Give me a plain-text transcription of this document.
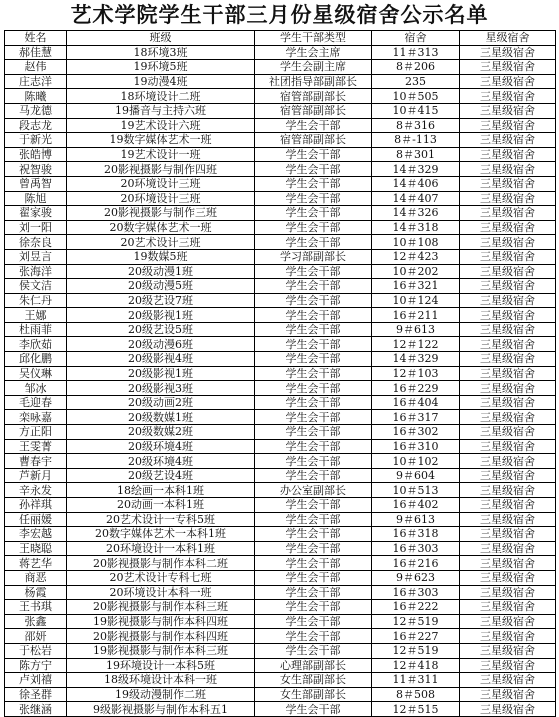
艺术学院学生干部三月份星级宿舍公示名单
姓名	班级	学生干部类型	宿舍	星级宿舍
郝佳慧	18环境3班	学生会主席	11＃313	三星级宿舍
赵伟	19环境5班	学生会副主席	8＃206	三星级宿舍
庄志洋	19动漫4班	社团指导部副部长	235	三星级宿舍
陈曦	18环境设计二班	宿管部副部长	10＃505	三星级宿舍
马龙德	19播音与主持六班	宿管部副部长	10＃415	三星级宿舍
段志龙	19艺术设计六班	学生会干部	8＃316	三星级宿舍
于新光	19数字媒体艺术一班	宿管部副部长	8＃-113	三星级宿舍
张皓博	19艺术设计一班	学生会干部	8＃301	三星级宿舍
祝智骏	20影视摄影与制作四班	学生会干部	14＃329	三星级宿舍
曾禹智	20环境设计三班	学生会干部	14＃406	三星级宿舍
陈旭	20环境设计三班	学生会干部	14＃407	三星级宿舍
翟家骏	20影视摄影与制作三班	学生会干部	14＃326	三星级宿舍
刘一阳	20数字媒体艺术一班	学生会干部	14＃318	三星级宿舍
徐奈良	20艺术设计三班	学生会干部	10＃108	三星级宿舍
刘昱言	19数媒5班	学习部副部长	12＃423	三星级宿舍
张海洋	20级动漫1班	学生会干部	10＃202	三星级宿舍
侯文洁	20级动漫5班	学生会干部	16＃321	三星级宿舍
朱仁丹	20级艺设7班	学生会干部	10＃124	三星级宿舍
王娜	20级影视1班	学生会干部	16＃211	三星级宿舍
杜雨菲	20级艺设5班	学生会干部	9＃613	三星级宿舍
李欣茹	20级动漫6班	学生会干部	12＃122	三星级宿舍
邱化鹏	20级影视4班	学生会干部	14＃329	三星级宿舍
吴仪琳	20级影视1班	学生会干部	12＃103	三星级宿舍
邹冰	20级影视3班	学生会干部	16＃229	三星级宿舍
毛迎春	20级动画2班	学生会干部	16＃404	三星级宿舍
栾咏嘉	20级数媒1班	学生会干部	16＃317	三星级宿舍
方正阳	20级数媒2班	学生会干部	16＃302	三星级宿舍
王雯菁	20级环境4班	学生会干部	16＃310	三星级宿舍
曹春宇	20级环境4班	学生会干部	10＃102	三星级宿舍
芦新月	20级艺设4班	学生会干部	9＃604	三星级宿舍
辛永发	18绘画一本科1班	办公室副部长	10＃513	三星级宿舍
孙祥琪	20动画一本科1班	学生会干部	16＃402	三星级宿舍
任丽媛	20艺术设计一专科5班	学生会干部	9＃613	三星级宿舍
李宏越	20数字媒体艺术一本科1班	学生会干部	16＃318	三星级宿舍
王晓聪	20环境设计一本科1班	学生会干部	16＃303	三星级宿舍
蒋艺华	20影视摄影与制作本科二班	学生会干部	16＃216	三星级宿舍
商恶	20艺术设计专科七班	学生会干部	9＃623	三星级宿舍
杨霞	20环境设计本科一班	学生会干部	16＃303	三星级宿舍
王书琪	20影视摄影与制作本科三班	学生会干部	16＃222	三星级宿舍
张鑫	19影视摄影与制作本科四班	学生会干部	12＃519	三星级宿舍
邵妍	20影视摄影与制作本科四班	学生会干部	16＃227	三星级宿舍
于松岩	19影视摄影与制作本科三班	学生会干部	12＃519	三星级宿舍
陈方宁	19环境设计一本科5班	心理部副部长	12＃418	三星级宿舍
卢刘禧	18级环境设计本科一班	女生部副部长	11＃311	三星级宿舍
徐圣群	19级动漫制作二班	女生部副部长	8＃508	三星级宿舍
张继涵	9级影视摄影与制作本科五1	学生会干部	12＃515	三星级宿舍
